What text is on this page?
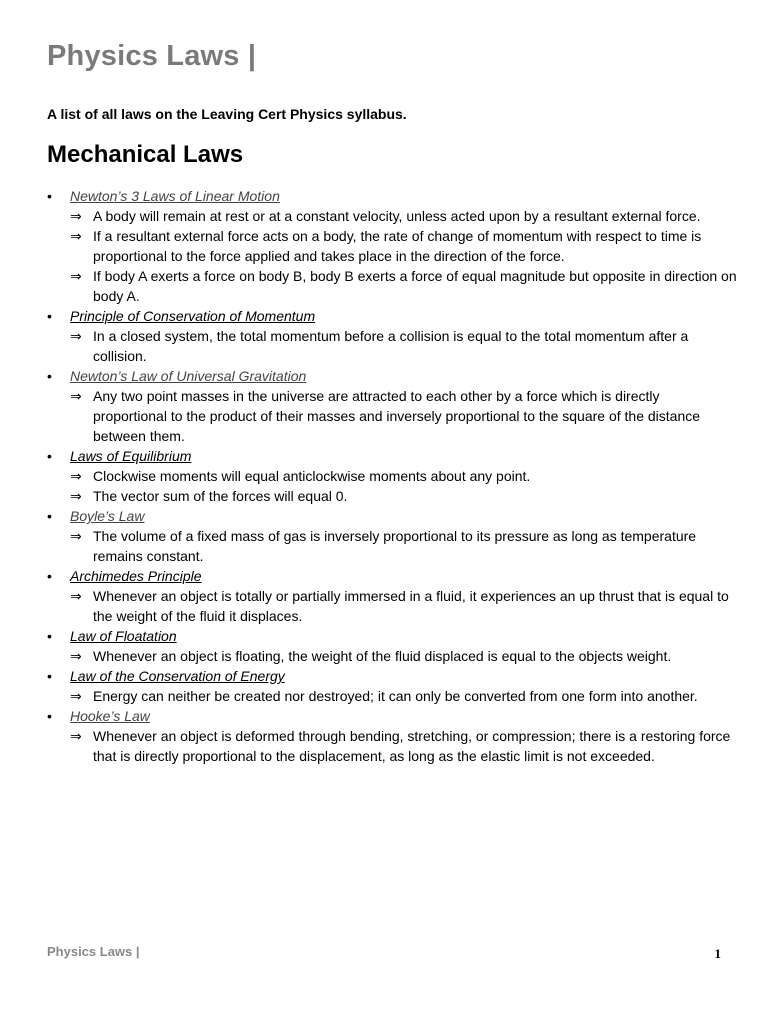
Physics Laws |

A list of all laws on the Leaving Cert Physics syllabus.

Mechanical Laws
• Newton’s 3 Laws of Linear Motion
⇒ A body will remain at rest or at a constant velocity, unless acted upon by a resultant external force.
⇒ If a resultant external force acts on a body, the rate of change of momentum with respect to time is proportional to the force applied and takes place in the direction of the force.
⇒ If body A exerts a force on body B, body B exerts a force of equal magnitude but opposite in direction on body A.
• Principle of Conservation of Momentum
⇒ In a closed system, the total momentum before a collision is equal to the total momentum after a collision.
• Newton’s Law of Universal Gravitation
⇒ Any two point masses in the universe are attracted to each other by a force which is directly proportional to the product of their masses and inversely proportional to the square of the distance between them.
• Laws of Equilibrium
⇒ Clockwise moments will equal anticlockwise moments about any point.
⇒ The vector sum of the forces will equal 0.
• Boyle’s Law
⇒ The volume of a fixed mass of gas is inversely proportional to its pressure as long as temperature remains constant.
• Archimedes Principle
⇒ Whenever an object is totally or partially immersed in a fluid, it experiences an up thrust that is equal to the weight of the fluid it displaces.
• Law of Floatation
⇒ Whenever an object is floating, the weight of the fluid displaced is equal to the objects weight.
• Law of the Conservation of Energy
⇒ Energy can neither be created nor destroyed; it can only be converted from one form into another.
• Hooke’s Law
⇒ Whenever an object is deformed through bending, stretching, or compression; there is a restoring force that is directly proportional to the displacement, as long as the elastic limit is not exceeded.
Physics Laws |	1
